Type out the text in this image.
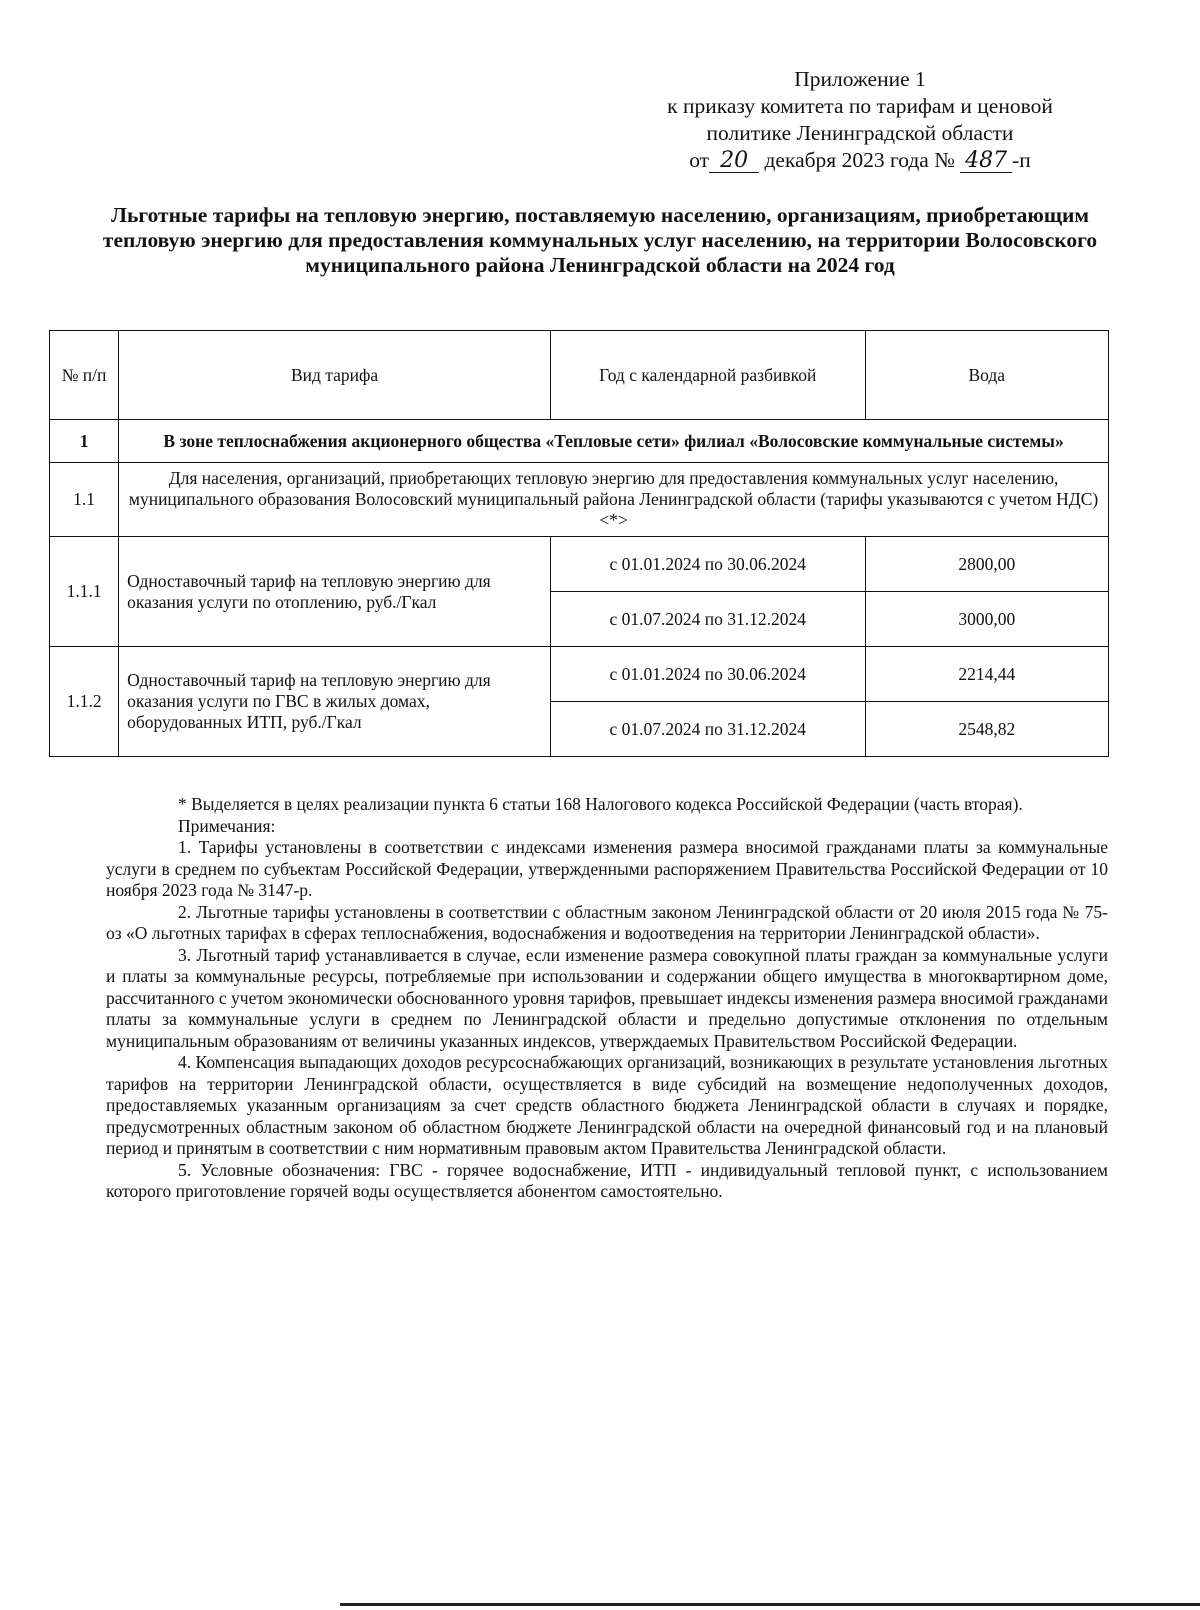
Приложение 1
к приказу комитета по тарифам и ценовой
политике Ленинградской области
от 20 декабря 2023 года № 487 -п
Льготные тарифы на тепловую энергию, поставляемую населению, организациям, приобретающим тепловую энергию для предоставления коммунальных услуг населению, на территории Волосовского муниципального района Ленинградской области на 2024 год
№ п/п	Вид тарифа	Год с календарной разбивкой	Вода
1	В зоне теплоснабжения акционерного общества «Тепловые сети» филиал «Волосовские коммунальные системы»		
1.1	Для населения, организаций, приобретающих тепловую энергию для предоставления коммунальных услуг населению, муниципального образования Волосовский муниципальный района Ленинградской области (тарифы указываются с учетом НДС) <*>		
1.1.1	Одноставочный тариф на тепловую энергию для оказания услуги по отоплению, руб./Гкал	с 01.01.2024 по 30.06.2024	2800,00
		с 01.07.2024 по 31.12.2024	3000,00
1.1.2	Одноставочный тариф на тепловую энергию для оказания услуги по ГВС в жилых домах, оборудованных ИТП, руб./Гкал	с 01.01.2024 по 30.06.2024	2214,44
		с 01.07.2024 по 31.12.2024	2548,82

* Выделяется в целях реализации пункта 6 статьи 168 Налогового кодекса Российской Федерации (часть вторая).

Примечания:

1. Тарифы установлены в соответствии с индексами изменения размера вносимой гражданами платы за коммунальные услуги в среднем по субъектам Российской Федерации, утвержденными распоряжением Правительства Российской Федерации от 10 ноября 2023 года № 3147-р.

2. Льготные тарифы установлены в соответствии с областным законом Ленинградской области от 20 июля 2015 года № 75-оз «О льготных тарифах в сферах теплоснабжения, водоснабжения и водоотведения на территории Ленинградской области».

3. Льготный тариф устанавливается в случае, если изменение размера совокупной платы граждан за коммунальные услуги и платы за коммунальные ресурсы, потребляемые при использовании и содержании общего имущества в многоквартирном доме, рассчитанного с учетом экономически обоснованного уровня тарифов, превышает индексы изменения размера вносимой гражданами платы за коммунальные услуги в среднем по Ленинградской области и предельно допустимые отклонения по отдельным муниципальным образованиям от величины указанных индексов, утверждаемых Правительством Российской Федерации.

4. Компенсация выпадающих доходов ресурсоснабжающих организаций, возникающих в результате установления льготных тарифов на территории Ленинградской области, осуществляется в виде субсидий на возмещение недополученных доходов, предоставляемых указанным организациям за счет средств областного бюджета Ленинградской области в случаях и порядке, предусмотренных областным законом об областном бюджете Ленинградской области на очередной финансовый год и на плановый период и принятым в соответствии с ним нормативным правовым актом Правительства Ленинградской области.

5. Условные обозначения: ГВС - горячее водоснабжение, ИТП - индивидуальный тепловой пункт, с использованием которого приготовление горячей воды осуществляется абонентом самостоятельно.
